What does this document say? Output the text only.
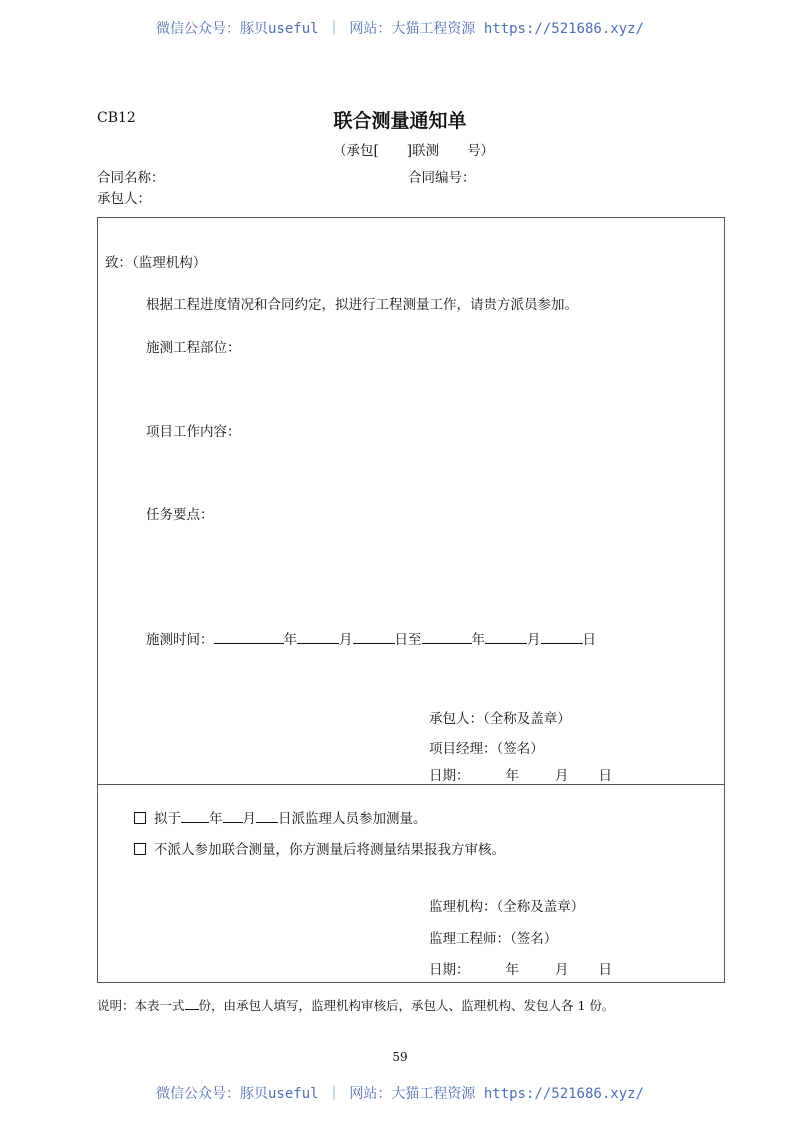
微信公众号：豚贝useful ｜ 网站：大猫工程资源 https://521686.xyz/
CB12	联合测量通知单
（承包[ ]联测 号）
合同名称：	合同编号：
承包人：
致：（监理机构）
根据工程进度情况和合同约定，拟进行工程测量工作，请贵方派员参加。
施测工程部位：
项目工作内容：
任务要点：
施测时间：	年	月	日至	年	月	日
承包人：（全称及盖章）
项目经理：（签名）
日期：	年	月 日
拟于 年 月 日派监理人员参加测量。
不派人参加联合测量，你方测量后将测量结果报我方审核。
监理机构：（全称及盖章）
监理工程师：（签名）
日期：	年	月 日
说明：本表一式 份，由承包人填写，监理机构审核后，承包人、监理机构、发包人各 1 份。
59
微信公众号：豚贝useful ｜ 网站：大猫工程资源 https://521686.xyz/
